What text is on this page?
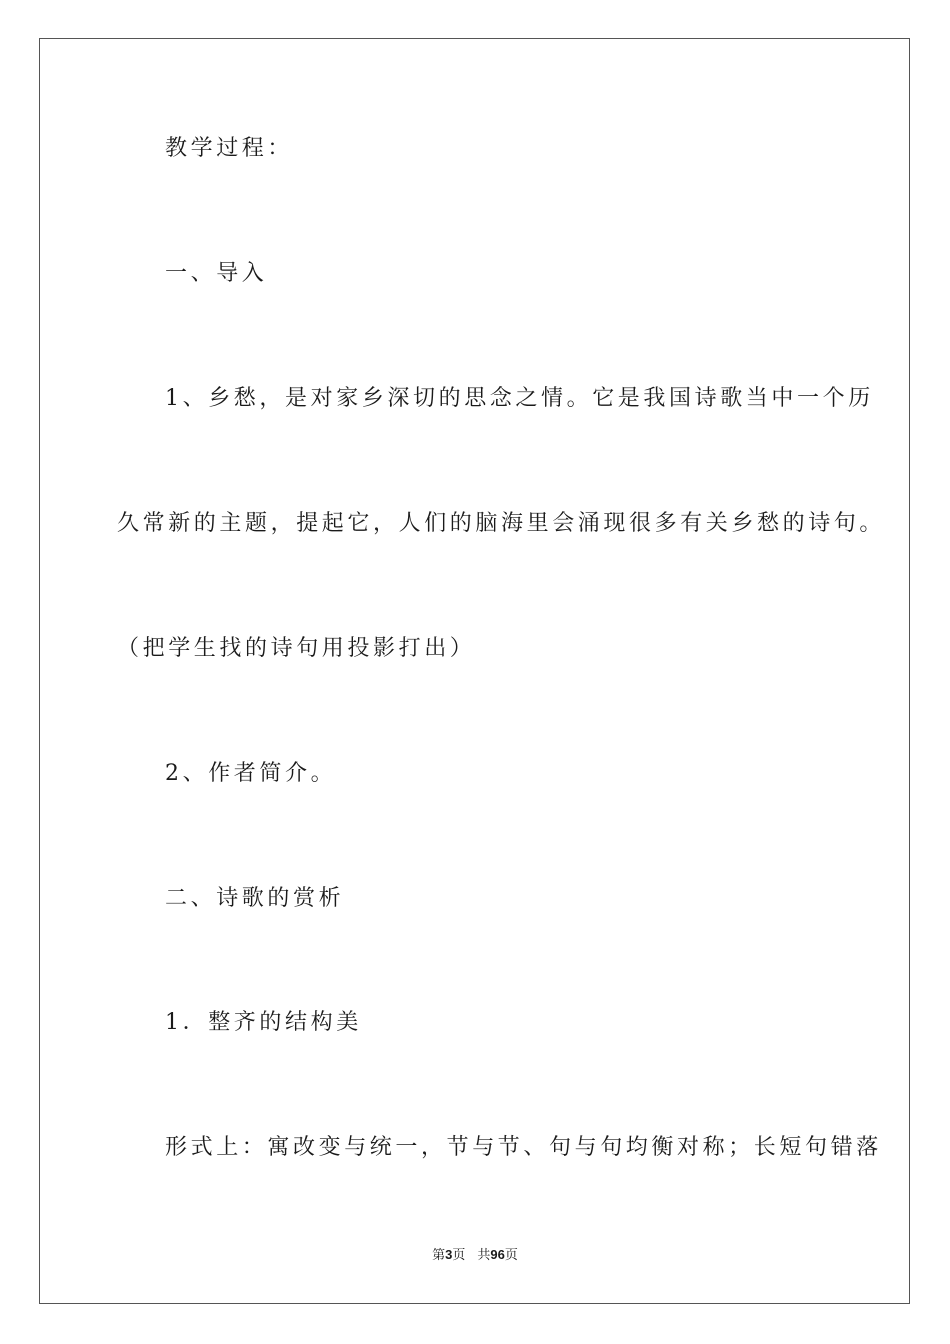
教学过程：
一、导入
1、乡愁，是对家乡深切的思念之情。它是我国诗歌当中一个历
久常新的主题，提起它，人们的脑海里会涌现很多有关乡愁的诗句。
（把学生找的诗句用投影打出）
2、作者简介。
二、诗歌的赏析
1．整齐的结构美
形式上：寓改变与统一，节与节、句与句均衡对称；长短句错落
第3页 共96页
